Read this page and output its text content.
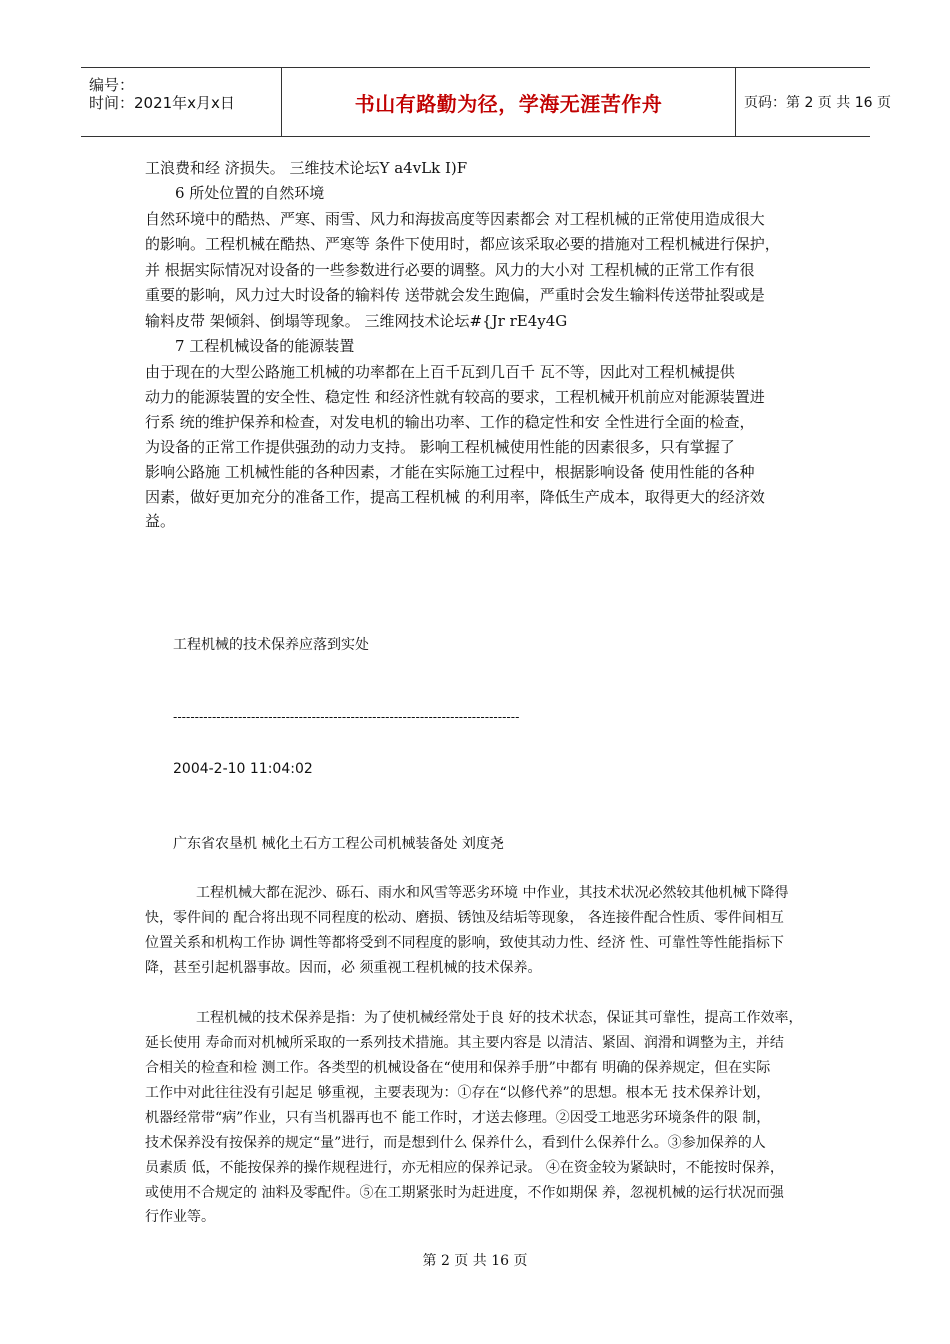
编号：
时间：2021年x月x日	书山有路勤为径，学海无涯苦作舟	页码：第 2 页 共 16 页
工浪费和经 济损失。 三维技术论坛Y a4vLk I)F
6 所处位置的自然环境
自然环境中的酷热、严寒、雨雪、风力和海拔高度等因素都会 对工程机械的正常使用造成很大
的影响。工程机械在酷热、严寒等 条件下使用时，都应该采取必要的措施对工程机械进行保护，
并 根据实际情况对设备的一些参数进行必要的调整。风力的大小对 工程机械的正常工作有很
重要的影响，风力过大时设备的输料传 送带就会发生跑偏，严重时会发生输料传送带扯裂或是
输料皮带 架倾斜、倒塌等现象。 三维网技术论坛#{Jr rE4y4G
7 工程机械设备的能源装置
由于现在的大型公路施工机械的功率都在上百千瓦到几百千 瓦不等，因此对工程机械提供
动力的能源装置的安全性、稳定性 和经济性就有较高的要求，工程机械开机前应对能源装置进
行系 统的维护保养和检查，对发电机的输出功率、工作的稳定性和安 全性进行全面的检查，
为设备的正常工作提供强劲的动力支持。 影响工程机械使用性能的因素很多，只有掌握了
影响公路施 工机械性能的各种因素，才能在实际施工过程中，根据影响设备 使用性能的各种
因素，做好更加充分的准备工作，提高工程机械 的利用率，降低生产成本，取得更大的经济效
益。
工程机械的技术保养应落到实处
--------------------------------------------------------------------------------
2004-2-10 11:04:02
广东省农垦机 械化土石方工程公司机械装备处 刘度尧
工程机械大都在泥沙、砾石、雨水和风雪等恶劣环境 中作业，其技术状况必然较其他机械下降得
快，零件间的 配合将出现不同程度的松动、磨损、锈蚀及结垢等现象， 各连接件配合性质、零件间相互
位置关系和机构工作协 调性等都将受到不同程度的影响，致使其动力性、经济 性、可靠性等性能指标下
降，甚至引起机器事故。因而，必 须重视工程机械的技术保养。
工程机械的技术保养是指：为了使机械经常处于良 好的技术状态，保证其可靠性，提高工作效率，
延长使用 寿命而对机械所采取的一系列技术措施。其主要内容是 以清洁、紧固、润滑和调整为主，并结
合相关的检查和检 测工作。各类型的机械设备在“使用和保养手册”中都有 明确的保养规定，但在实际
工作中对此往往没有引起足 够重视，主要表现为：①存在“以修代养”的思想。根本无 技术保养计划，
机器经常带“病”作业，只有当机器再也不 能工作时，才送去修理。②因受工地恶劣环境条件的限 制，
技术保养没有按保养的规定“量”进行，而是想到什么 保养什么，看到什么保养什么。③参加保养的人
员素质 低，不能按保养的操作规程进行，亦无相应的保养记录。 ④在资金较为紧缺时，不能按时保养，
或使用不合规定的 油料及零配件。⑤在工期紧张时为赶进度，不作如期保 养，忽视机械的运行状况而强
行作业等。
第 2 页 共 16 页
